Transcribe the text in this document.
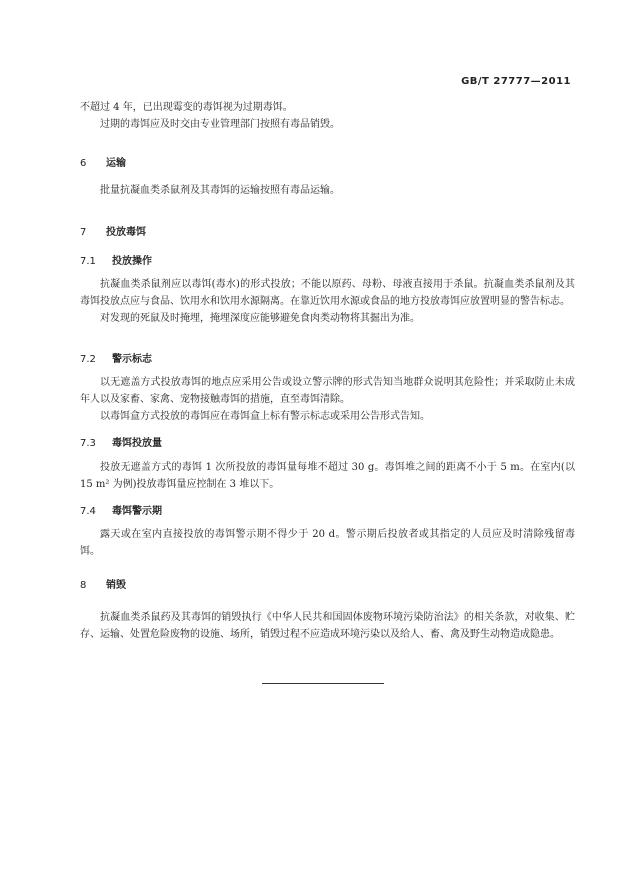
GB/T 27777—2011

不超过 4 年，已出现霉变的毒饵视为过期毒饵。

过期的毒饵应及时交由专业管理部门按照有毒品销毁。

6 运输

批量抗凝血类杀鼠剂及其毒饵的运输按照有毒品运输。

7 投放毒饵
7.1 投放操作

抗凝血类杀鼠剂应以毒饵(毒水)的形式投放；不能以原药、母粉、母液直接用于杀鼠。抗凝血类杀鼠剂及其毒饵投放点应与食品、饮用水和饮用水源隔离。在靠近饮用水源或食品的地方投放毒饵应放置明显的警告标志。

对发现的死鼠及时掩埋，掩埋深度应能够避免食肉类动物将其掘出为准。

7.2 警示标志

以无遮盖方式投放毒饵的地点应采用公告或设立警示牌的形式告知当地群众说明其危险性；并采取防止未成年人以及家畜、家禽、宠物接触毒饵的措施，直至毒饵清除。

以毒饵盒方式投放的毒饵应在毒饵盒上标有警示标志或采用公告形式告知。

7.3 毒饵投放量

投放无遮盖方式的毒饵 1 次所投放的毒饵量每堆不超过 30 g。毒饵堆之间的距离不小于 5 m。在室内(以 15 m² 为例)投放毒饵量应控制在 3 堆以下。

7.4 毒饵警示期

露天或在室内直接投放的毒饵警示期不得少于 20 d。警示期后投放者或其指定的人员应及时清除残留毒饵。

8 销毁

抗凝血类杀鼠药及其毒饵的销毁执行《中华人民共和国固体废物环境污染防治法》的相关条款，对收集、贮存、运输、处置危险废物的设施、场所，销毁过程不应造成环境污染以及给人、畜、禽及野生动物造成隐患。
